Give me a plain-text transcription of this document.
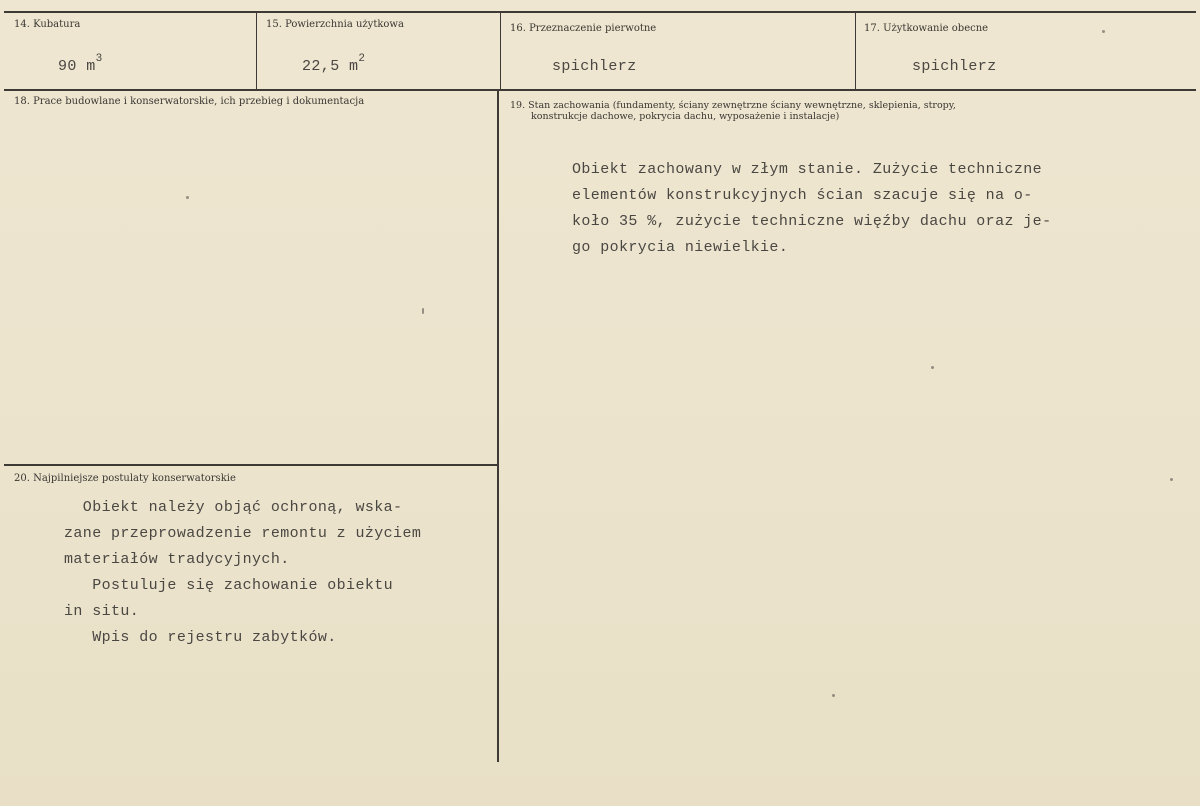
14. Kubatura
90 $m^3$
15. Powierzchnia użytkowa
22,5 $m^2$
16. Przeznaczenie pierwotne
spichlerz
17. Użytkowanie obecne
spichlerz
18. Prace budowlane i konserwatorskie, ich przebieg i dokumentacja	19. Stan zachowania (fundamenty, ściany zewnętrzne ściany wewnętrzne, sklepienia, stropy,
konstrukcje dachowe, pokrycia dachu, wyposażenie i instalacje)
Obiekt zachowany w złym stanie. Zużycie techniczne
elementów konstrukcyjnych ścian szacuje się na o-
koło 35 %, zużycie techniczne więźby dachu oraz je-
go pokrycia niewielkie.
20. Najpilniejsze postulaty konserwatorskie
Obiekt należy objąć ochroną, wska-
zane przeprowadzenie remontu z użyciem
materiałów tradycyjnych.
Postuluje się zachowanie obiektu
in situ.
Wpis do rejestru zabytków.
